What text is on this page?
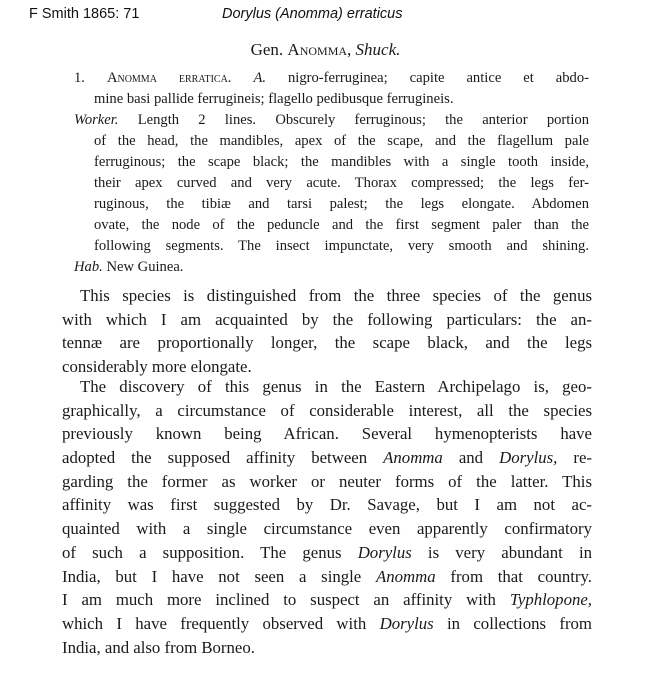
F Smith 1865: 71	Dorylus (Anomma) erraticus
Gen. Anomma, Shuck.
1. Anomma erratica. A. nigro-ferruginea; capite antice et abdo-
mine basi pallide ferrugineis; flagello pedibusque ferrugineis.
Worker. Length 2 lines. Obscurely ferruginous; the anterior portion
of the head, the mandibles, apex of the scape, and the flagellum pale
ferruginous; the scape black; the mandibles with a single tooth inside,
their apex curved and very acute. Thorax compressed; the legs fer-
ruginous, the tibiæ and tarsi palest; the legs elongate. Abdomen
ovate, the node of the peduncle and the first segment paler than the
following segments. The insect impunctate, very smooth and shining.
Hab. New Guinea.
This species is distinguished from the three species of the genus
with which I am acquainted by the following particulars: the an-
tennæ are proportionally longer, the scape black, and the legs
considerably more elongate.
The discovery of this genus in the Eastern Archipelago is, geo-
graphically, a circumstance of considerable interest, all the species
previously known being African. Several hymenopterists have
adopted the supposed affinity between Anomma and Dorylus, re-
garding the former as worker or neuter forms of the latter. This
affinity was first suggested by Dr. Savage, but I am not ac-
quainted with a single circumstance even apparently confirmatory
of such a supposition. The genus Dorylus is very abundant in
India, but I have not seen a single Anomma from that country.
I am much more inclined to suspect an affinity with Typhlopone,
which I have frequently observed with Dorylus in collections from
India, and also from Borneo.
